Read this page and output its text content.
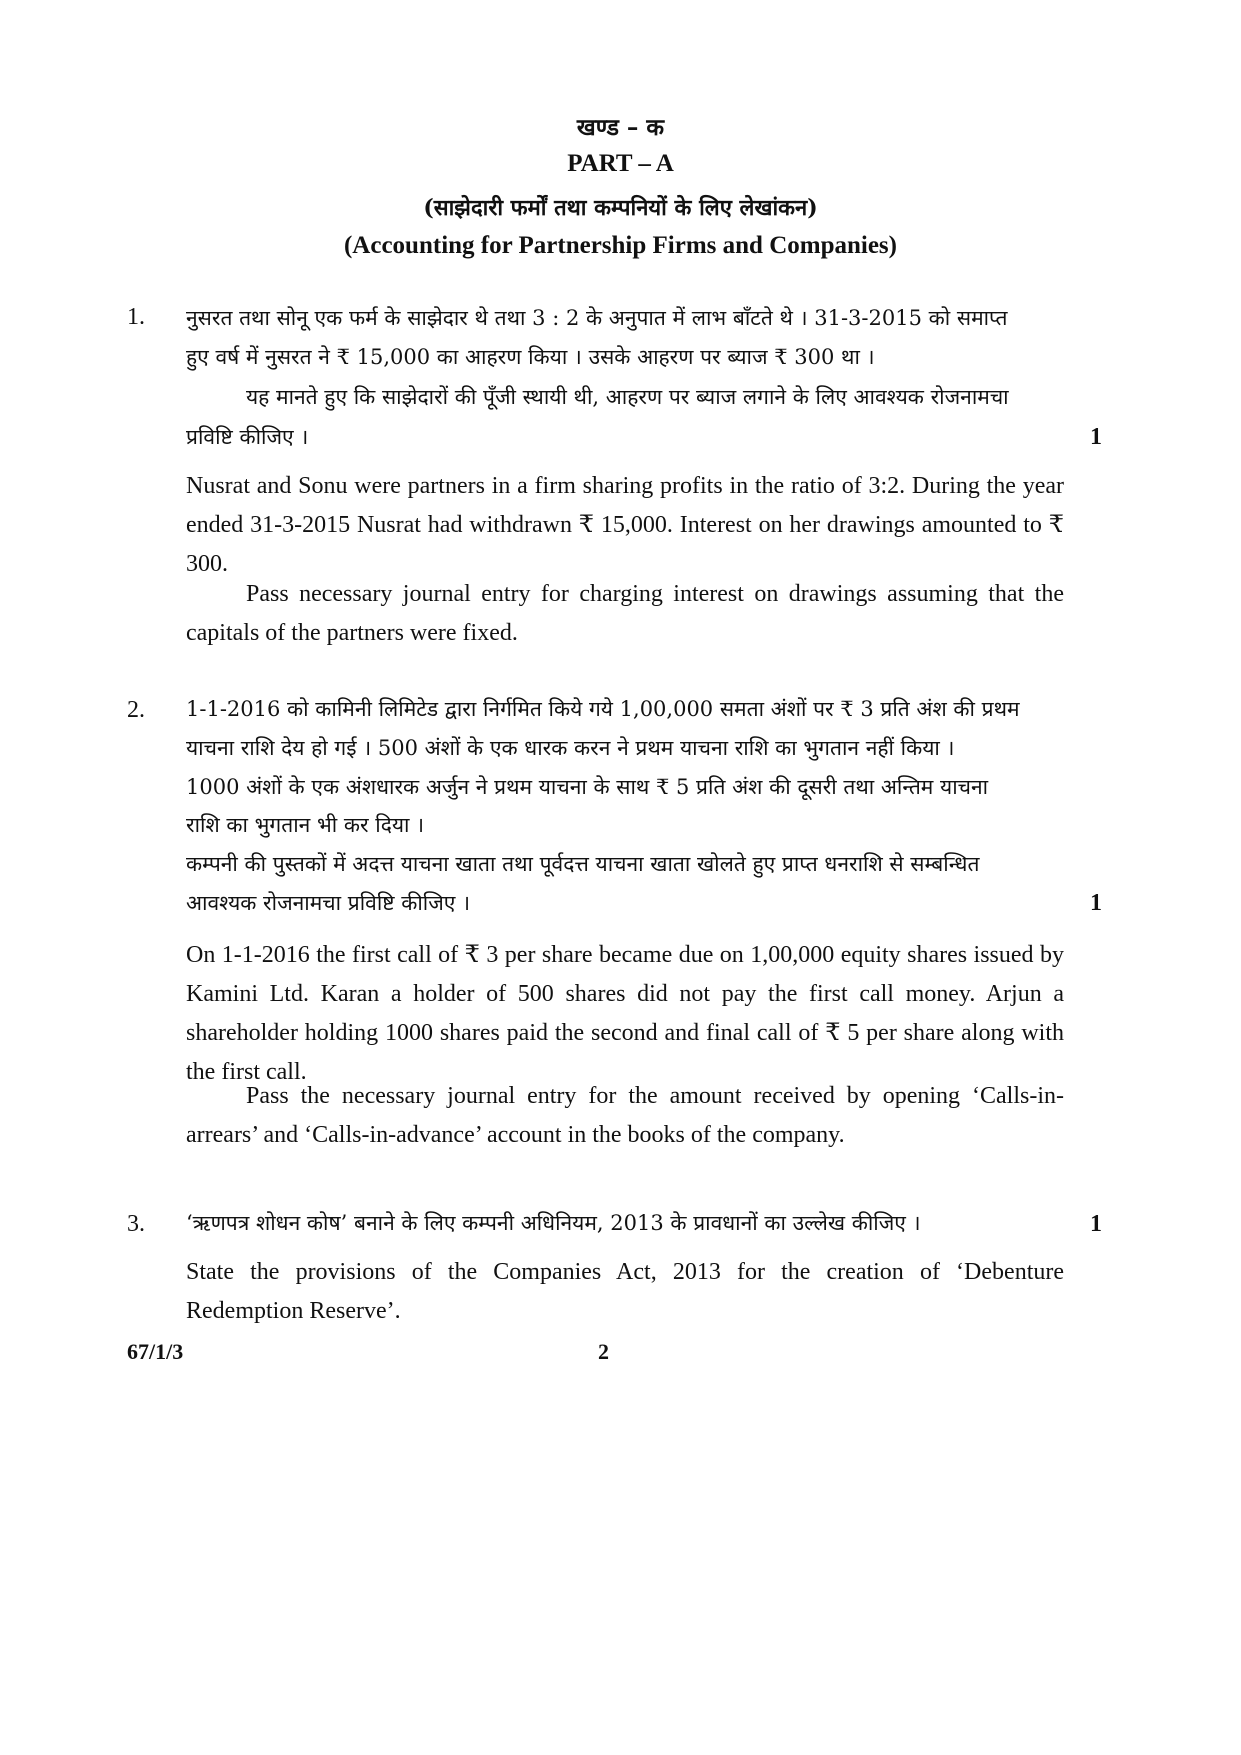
खण्ड – क
PART – A
(साझेदारी फर्मों तथा कम्पनियों के लिए लेखांकन)
(Accounting for Partnership Firms and Companies)
1. नुसरत तथा सोनू एक फर्म के साझेदार थे तथा 3 : 2 के अनुपात में लाभ बाँटते थे । 31-3-2015 को समाप्त
हुए वर्ष में नुसरत ने ₹ 15,000 का आहरण किया । उसके आहरण पर ब्याज ₹ 300 था ।
यह मानते हुए कि साझेदारों की पूँजी स्थायी थी, आहरण पर ब्याज लगाने के लिए आवश्यक रोजनामचा
प्रविष्टि कीजिए ।	1
Nusrat and Sonu were partners in a firm sharing profits in the ratio of 3:2. During the year ended 31-3-2015 Nusrat had withdrawn ₹ 15,000. Interest on her drawings amounted to ₹ 300.
Pass necessary journal entry for charging interest on drawings assuming that the capitals of the partners were fixed.
2. 1-1-2016 को कामिनी लिमिटेड द्वारा निर्गमित किये गये 1,00,000 समता अंशों पर ₹ 3 प्रति अंश की प्रथम
याचना राशि देय हो गई । 500 अंशों के एक धारक करन ने प्रथम याचना राशि का भुगतान नहीं किया ।
1000 अंशों के एक अंशधारक अर्जुन ने प्रथम याचना के साथ ₹ 5 प्रति अंश की दूसरी तथा अन्तिम याचना
राशि का भुगतान भी कर दिया ।
कम्पनी की पुस्तकों में अदत्त याचना खाता तथा पूर्वदत्त याचना खाता खोलते हुए प्राप्त धनराशि से सम्बन्धित
आवश्यक रोजनामचा प्रविष्टि कीजिए ।	1
On 1-1-2016 the first call of ₹ 3 per share became due on 1,00,000 equity shares issued by Kamini Ltd. Karan a holder of 500 shares did not pay the first call money. Arjun a shareholder holding 1000 shares paid the second and final call of ₹ 5 per share along with the first call.
Pass the necessary journal entry for the amount received by opening ‘Calls-in-arrears’ and ‘Calls-in-advance’ account in the books of the company.
3. ‘ऋणपत्र शोधन कोष’ बनाने के लिए कम्पनी अधिनियम, 2013 के प्रावधानों का उल्लेख कीजिए ।	1
State the provisions of the Companies Act, 2013 for the creation of ‘Debenture Redemption Reserve’.
67/1/3	2
